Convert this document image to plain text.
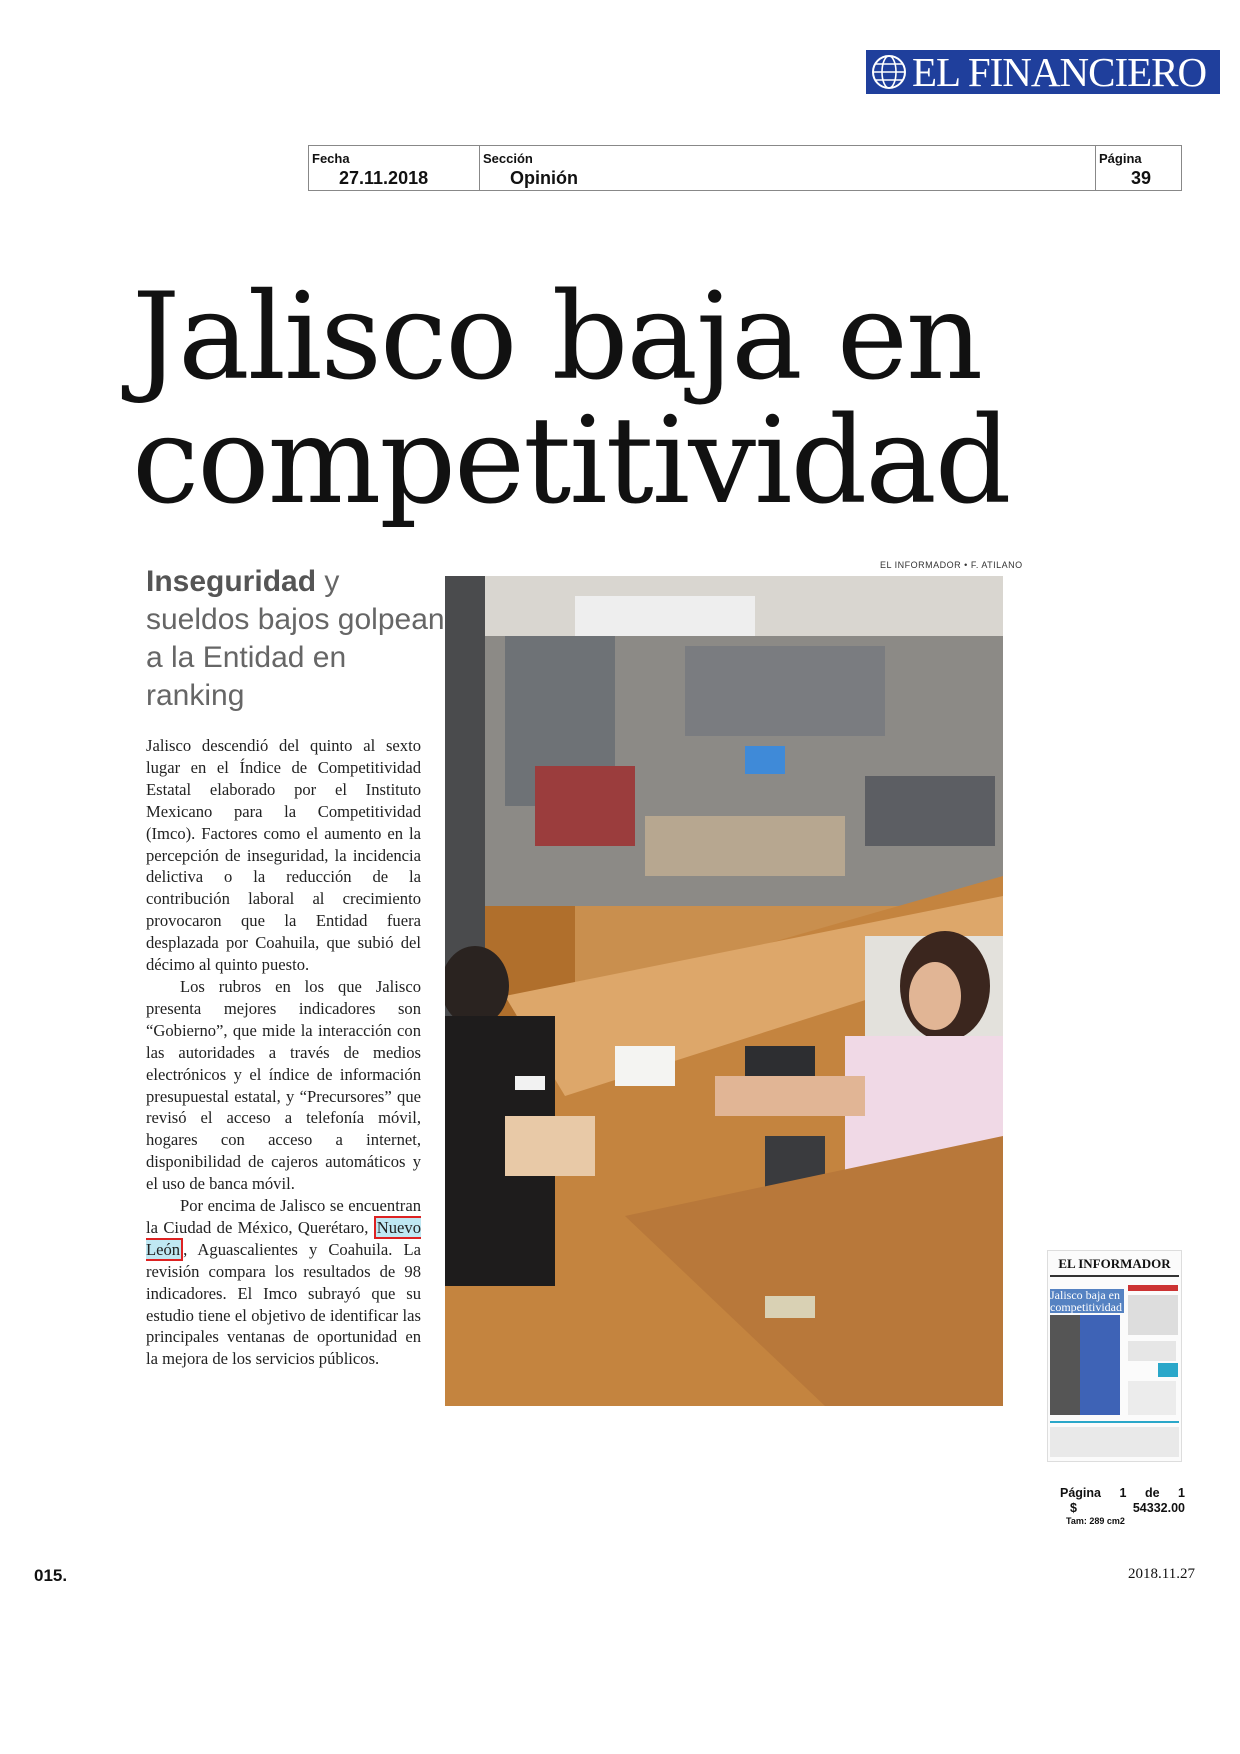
EL FINANCIERO
Fecha
27.11.2018
Sección
Opinión
Página
39
Jalisco baja en
competitividad
Inseguridad y sueldos bajos golpean a la Entidad en ranking

Jalisco descendió del quinto al sexto lugar en el Índice de Competitividad Estatal elaborado por el Instituto Mexicano para la Competitividad (Imco). Factores como el aumento en la percepción de inseguridad, la incidencia delictiva o la reducción de la contribución laboral al crecimiento provocaron que la Entidad fuera desplazada por Coahuila, que subió del décimo al quinto puesto.

Los rubros en los que Jalisco presenta mejores indicadores son “Gobierno”, que mide la interacción con las autoridades a través de medios electrónicos y el índice de información presupuestal estatal, y “Precursores” que revisó el acceso a telefonía móvil, hogares con acceso a internet, disponibilidad de cajeros automáticos y el uso de banca móvil.

Por encima de Jalisco se encuentran la Ciudad de México, Querétaro, Nuevo León , Aguascalientes y Coahuila. La revisión compara los resultados de 98 indicadores. El Imco subrayó que su estudio tiene el objetivo de identificar las principales ventanas de oportunidad en la mejora de los servicios públicos.

EL INFORMADOR • F. ATILANO
EL INFORMADOR
Jalisco baja en competitividad
Página 1 de 1
$	54332.00
Tam: 289 cm2
015.	2018.11.27
